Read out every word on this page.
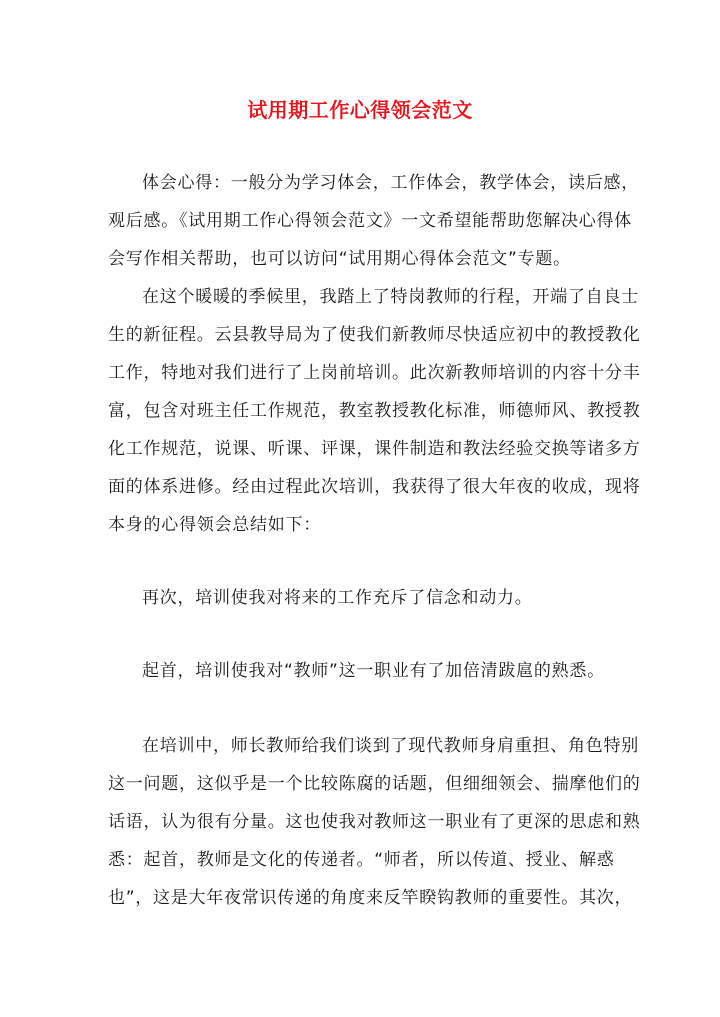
试用期工作心得领会范文
体会心得：一般分为学习体会，工作体会，教学体会，读后感，
观后感。《试用期工作心得领会范文》一文希望能帮助您解决心得体
会写作相关帮助，也可以访问“试用期心得体会范文”专题。
在这个暖暖的季候里，我踏上了特岗教师的行程，开端了自良士
生的新征程。云县教导局为了使我们新教师尽快适应初中的教授教化
工作，特地对我们进行了上岗前培训。此次新教师培训的内容十分丰
富，包含对班主任工作规范，教室教授教化标准，师德师风、教授教
化工作规范，说课、听课、评课，课件制造和教法经验交换等诸多方
面的体系进修。经由过程此次培训，我获得了很大年夜的收成，现将
本身的心得领会总结如下：
再次，培训使我对将来的工作充斥了信念和动力。
起首，培训使我对“教师”这一职业有了加倍清跋扈的熟悉。
在培训中，师长教师给我们谈到了现代教师身肩重担、角色特别
这一问题，这似乎是一个比较陈腐的话题，但细细领会、揣摩他们的
话语，认为很有分量。这也使我对教师这一职业有了更深的思虑和熟
悉：起首，教师是文化的传递者。“师者，所以传道、授业、解惑
也”，这是大年夜常识传递的角度来反竿睽钩教师的重要性。其次，
